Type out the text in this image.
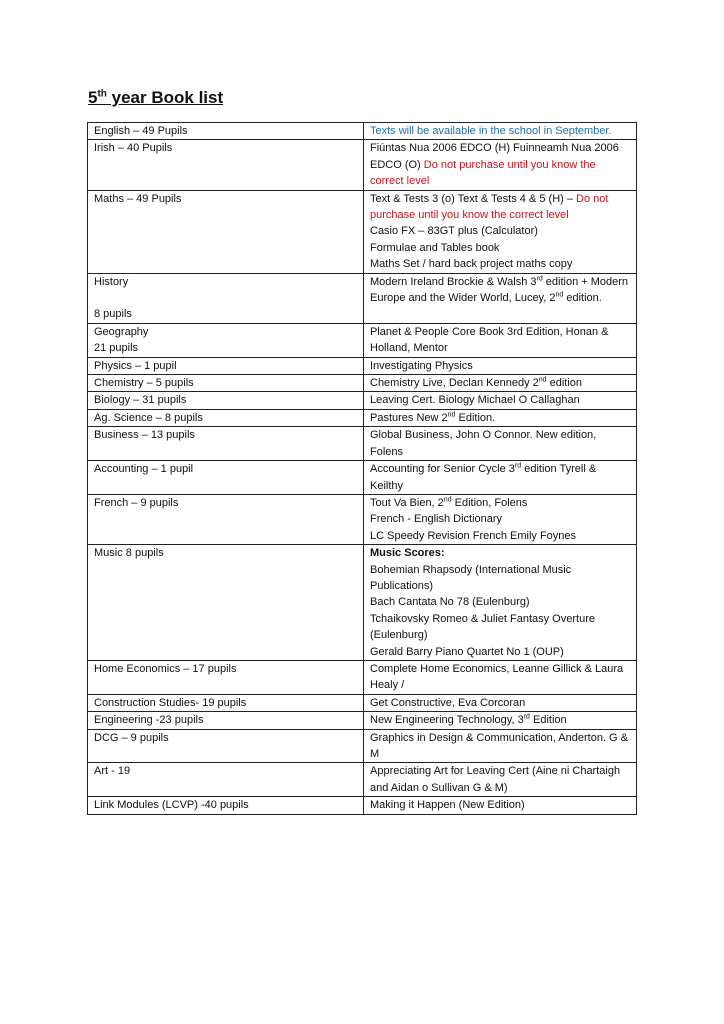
5th year Book list
English – 49 Pupils	Texts will be available in the school in September.

Irish – 40 Pupils	Fiúntas Nua 2006 EDCO (H) Fuinneamh Nua 2006 EDCO (O) Do not purchase until you know the correct level

Maths – 49 Pupils	Text & Tests 3 (o) Text & Tests 4 & 5 (H) – Do not purchase until you know the correct level
Casio FX – 83GT plus (Calculator)
Formulae and Tables book
Maths Set / hard back project maths copy

History
8 pupils	Modern Ireland Brockie & Walsh 3rd edition + Modern Europe and the Wider World, Lucey, 2nd edition.

Geography
21 pupils	Planet & People Core Book 3rd Edition, Honan & Holland, Mentor

Physics – 1 pupil	Investigating Physics

Chemistry – 5 pupils	Chemistry Live, Declan Kennedy 2nd edition

Biology – 31 pupils	Leaving Cert. Biology Michael O Callaghan

Ag. Science – 8 pupils	Pastures New 2nd Edition.

Business – 13 pupils	Global Business, John O Connor. New edition, Folens

Accounting – 1 pupil	Accounting for Senior Cycle 3rd edition Tyrell & Keilthy

French – 9 pupils	Tout Va Bien, 2nd Edition, Folens
French - English Dictionary
LC Speedy Revision French Emily Foynes

Music 8 pupils	Music Scores:
Bohemian Rhapsody (International Music Publications)
Bach Cantata No 78 (Eulenburg)
Tchaikovsky Romeo & Juliet Fantasy Overture (Eulenburg)
Gerald Barry Piano Quartet No 1 (OUP)

Home Economics – 17 pupils	Complete Home Economics, Leanne Gillick & Laura Healy /

Construction Studies- 19 pupils	Get Constructive, Eva Corcoran

Engineering -23 pupils	New Engineering Technology, 3rd Edition

DCG – 9 pupils	Graphics in Design & Communication, Anderton. G & M

Art - 19	Appreciating Art for Leaving Cert (Aine ni Chartaigh and Aidan o Sullivan G & M)

Link Modules (LCVP) -40 pupils	Making it Happen (New Edition)
